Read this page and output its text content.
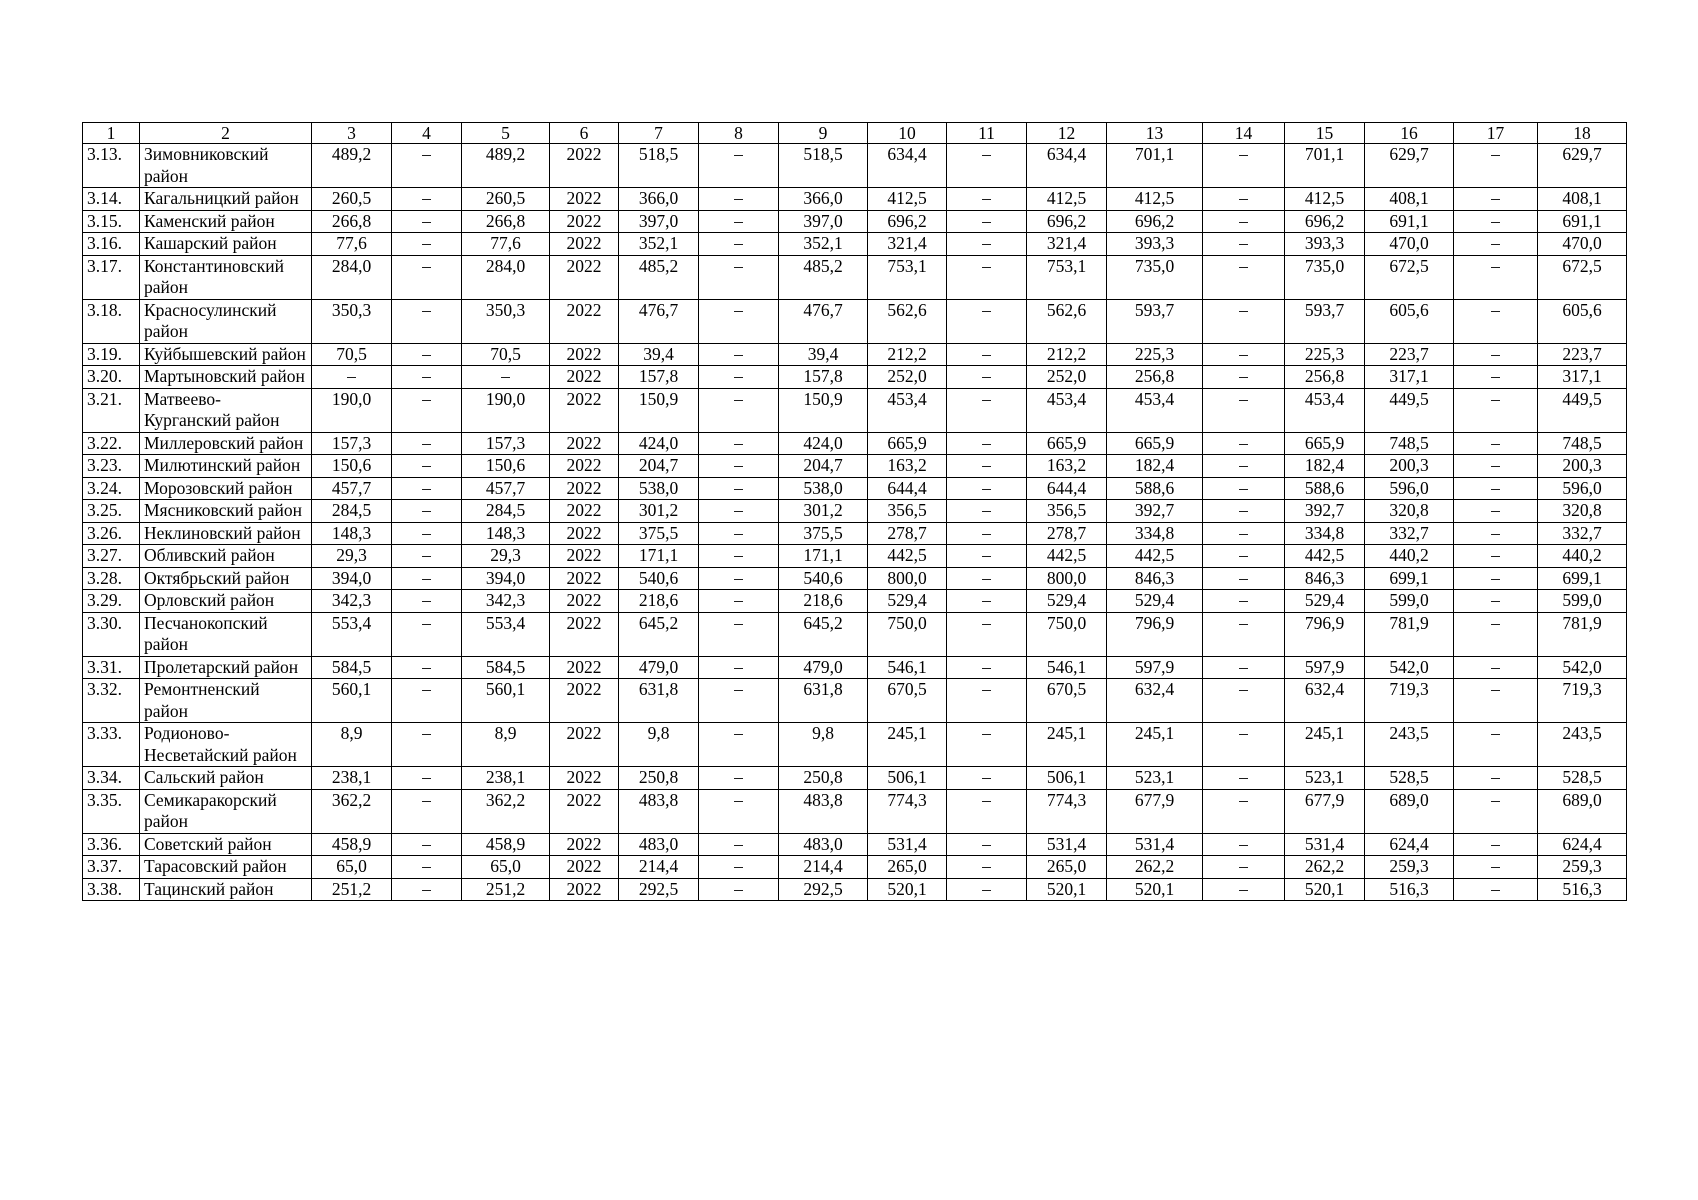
1	2	3	4	5	6	7	8	9	10	11	12	13	14	15	16	17	18
3.13.	Зимовниковский район	489,2	–	489,2	2022	518,5	–	518,5	634,4	–	634,4	701,1	–	701,1	629,7	–	629,7
3.14.	Кагальницкий район	260,5	–	260,5	2022	366,0	–	366,0	412,5	–	412,5	412,5	–	412,5	408,1	–	408,1
3.15.	Каменский район	266,8	–	266,8	2022	397,0	–	397,0	696,2	–	696,2	696,2	–	696,2	691,1	–	691,1
3.16.	Кашарский район	77,6	–	77,6	2022	352,1	–	352,1	321,4	–	321,4	393,3	–	393,3	470,0	–	470,0
3.17.	Константиновский район	284,0	–	284,0	2022	485,2	–	485,2	753,1	–	753,1	735,0	–	735,0	672,5	–	672,5
3.18.	Красносулинский район	350,3	–	350,3	2022	476,7	–	476,7	562,6	–	562,6	593,7	–	593,7	605,6	–	605,6
3.19.	Куйбышевский район	70,5	–	70,5	2022	39,4	–	39,4	212,2	–	212,2	225,3	–	225,3	223,7	–	223,7
3.20.	Мартыновский район	–	–	–	2022	157,8	–	157,8	252,0	–	252,0	256,8	–	256,8	317,1	–	317,1
3.21.	Матвеево-Курганский район	190,0	–	190,0	2022	150,9	–	150,9	453,4	–	453,4	453,4	–	453,4	449,5	–	449,5
3.22.	Миллеровский район	157,3	–	157,3	2022	424,0	–	424,0	665,9	–	665,9	665,9	–	665,9	748,5	–	748,5
3.23.	Милютинский район	150,6	–	150,6	2022	204,7	–	204,7	163,2	–	163,2	182,4	–	182,4	200,3	–	200,3
3.24.	Морозовский район	457,7	–	457,7	2022	538,0	–	538,0	644,4	–	644,4	588,6	–	588,6	596,0	–	596,0
3.25.	Мясниковский район	284,5	–	284,5	2022	301,2	–	301,2	356,5	–	356,5	392,7	–	392,7	320,8	–	320,8
3.26.	Неклиновский район	148,3	–	148,3	2022	375,5	–	375,5	278,7	–	278,7	334,8	–	334,8	332,7	–	332,7
3.27.	Обливский район	29,3	–	29,3	2022	171,1	–	171,1	442,5	–	442,5	442,5	–	442,5	440,2	–	440,2
3.28.	Октябрьский район	394,0	–	394,0	2022	540,6	–	540,6	800,0	–	800,0	846,3	–	846,3	699,1	–	699,1
3.29.	Орловский район	342,3	–	342,3	2022	218,6	–	218,6	529,4	–	529,4	529,4	–	529,4	599,0	–	599,0
3.30.	Песчанокопский район	553,4	–	553,4	2022	645,2	–	645,2	750,0	–	750,0	796,9	–	796,9	781,9	–	781,9
3.31.	Пролетарский район	584,5	–	584,5	2022	479,0	–	479,0	546,1	–	546,1	597,9	–	597,9	542,0	–	542,0
3.32.	Ремонтненский район	560,1	–	560,1	2022	631,8	–	631,8	670,5	–	670,5	632,4	–	632,4	719,3	–	719,3
3.33.	Родионово-Несветайский район	8,9	–	8,9	2022	9,8	–	9,8	245,1	–	245,1	245,1	–	245,1	243,5	–	243,5
3.34.	Сальский район	238,1	–	238,1	2022	250,8	–	250,8	506,1	–	506,1	523,1	–	523,1	528,5	–	528,5
3.35.	Семикаракорский район	362,2	–	362,2	2022	483,8	–	483,8	774,3	–	774,3	677,9	–	677,9	689,0	–	689,0
3.36.	Советский район	458,9	–	458,9	2022	483,0	–	483,0	531,4	–	531,4	531,4	–	531,4	624,4	–	624,4
3.37.	Тарасовский район	65,0	–	65,0	2022	214,4	–	214,4	265,0	–	265,0	262,2	–	262,2	259,3	–	259,3
3.38.	Тацинский район	251,2	–	251,2	2022	292,5	–	292,5	520,1	–	520,1	520,1	–	520,1	516,3	–	516,3
